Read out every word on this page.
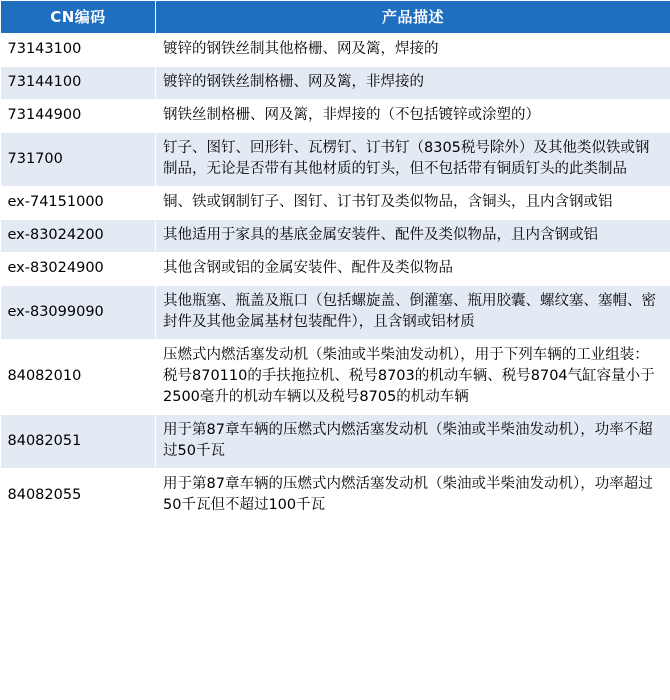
CN编码	产品描述
73143100	镀锌的钢铁丝制其他格栅、网及篱，焊接的
73144100	镀锌的钢铁丝制格栅、网及篱，非焊接的
73144900	钢铁丝制格栅、网及篱，非焊接的（不包括镀锌或涂塑的）
731700	钉子、图钉、回形针、瓦楞钉、订书钉（8305税号除外）及其他类似铁或钢制品，无论是否带有其他材质的钉头，但不包括带有铜质钉头的此类制品
ex-74151000	铜、铁或钢制钉子、图钉、订书钉及类似物品，含铜头，且内含钢或铝
ex-83024200	其他适用于家具的基底金属安装件、配件及类似物品，且内含钢或铝
ex-83024900	其他含钢或铝的金属安装件、配件及类似物品
ex-83099090	其他瓶塞、瓶盖及瓶口（包括螺旋盖、倒灌塞、瓶用胶囊、螺纹塞、塞帽、密封件及其他金属基材包装配件），且含钢或铝材质
84082010	压燃式内燃活塞发动机（柴油或半柴油发动机），用于下列车辆的工业组装：税号870110的手扶拖拉机、税号8703的机动车辆、税号8704气缸容量小于2500毫升的机动车辆以及税号8705的机动车辆
84082051	用于第87章车辆的压燃式内燃活塞发动机（柴油或半柴油发动机），功率不超过50千瓦
84082055	用于第87章车辆的压燃式内燃活塞发动机（柴油或半柴油发动机），功率超过50千瓦但不超过100千瓦
